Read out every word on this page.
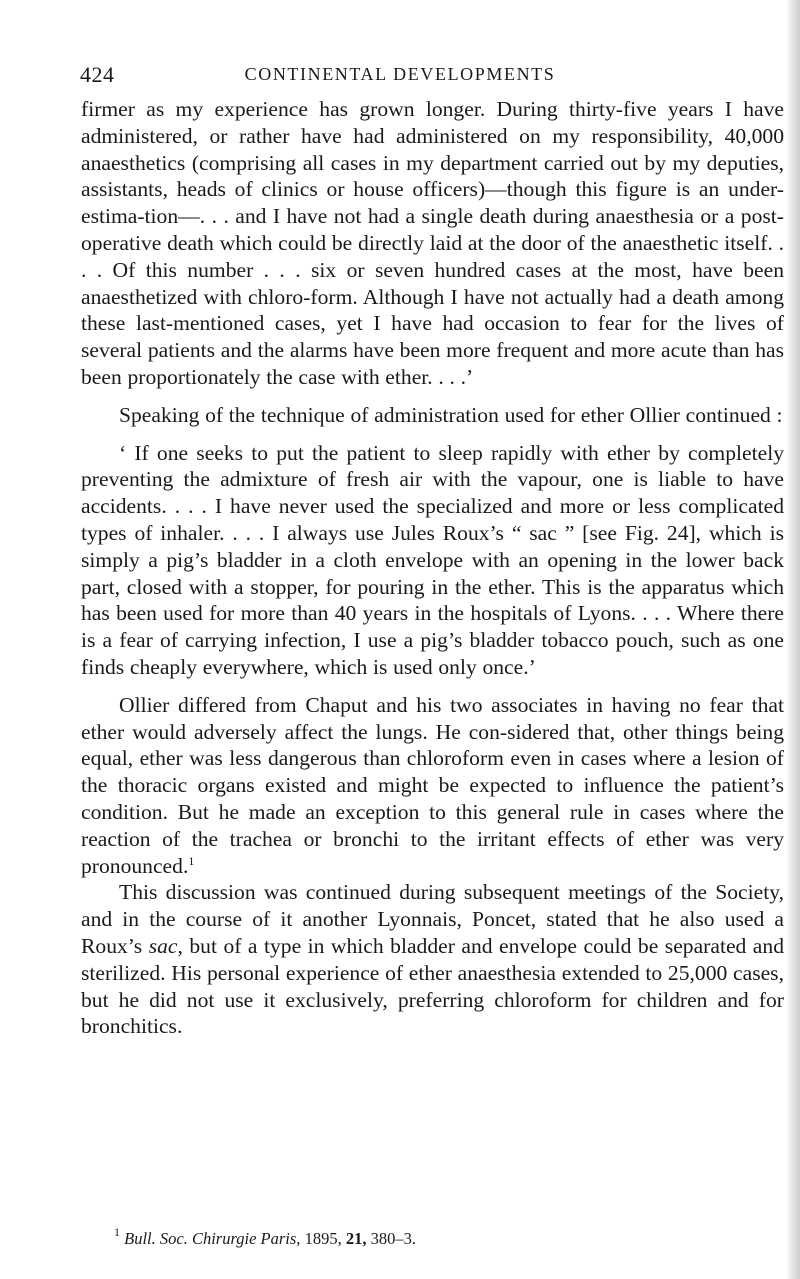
424	CONTINENTAL DEVELOPMENTS

firmer as my experience has grown longer. During thirty-five years I have administered, or rather have had administered on my responsibility, 40,000 anaesthetics (comprising all cases in my department carried out by my deputies, assistants, heads of clinics or house officers)—though this figure is an under-estima-tion—. . . and I have not had a single death during anaesthesia or a post-operative death which could be directly laid at the door of the anaesthetic itself. . . . Of this number . . . six or seven hundred cases at the most, have been anaesthetized with chloro-form. Although I have not actually had a death among these last-mentioned cases, yet I have had occasion to fear for the lives of several patients and the alarms have been more frequent and more acute than has been proportionately the case with ether. . . .’

Speaking of the technique of administration used for ether Ollier continued :

‘ If one seeks to put the patient to sleep rapidly with ether by completely preventing the admixture of fresh air with the vapour, one is liable to have accidents. . . . I have never used the specialized and more or less complicated types of inhaler. . . . I always use Jules Roux’s “ sac ” [see Fig. 24], which is simply a pig’s bladder in a cloth envelope with an opening in the lower back part, closed with a stopper, for pouring in the ether. This is the apparatus which has been used for more than 40 years in the hospitals of Lyons. . . . Where there is a fear of carrying infection, I use a pig’s bladder tobacco pouch, such as one finds cheaply everywhere, which is used only once.’

Ollier differed from Chaput and his two associates in having no fear that ether would adversely affect the lungs. He con-sidered that, other things being equal, ether was less dangerous than chloroform even in cases where a lesion of the thoracic organs existed and might be expected to influence the patient’s condition. But he made an exception to this general rule in cases where the reaction of the trachea or bronchi to the irritant effects of ether was very pronounced.$^1$

This discussion was continued during subsequent meetings of the Society, and in the course of it another Lyonnais, Poncet, stated that he also used a Roux’s sac, but of a type in which bladder and envelope could be separated and sterilized. His personal experience of ether anaesthesia extended to 25,000 cases, but he did not use it exclusively, preferring chloroform for children and for bronchitics.

$^1$ Bull. Soc. Chirurgie Paris, 1895, 21, 380–3.
